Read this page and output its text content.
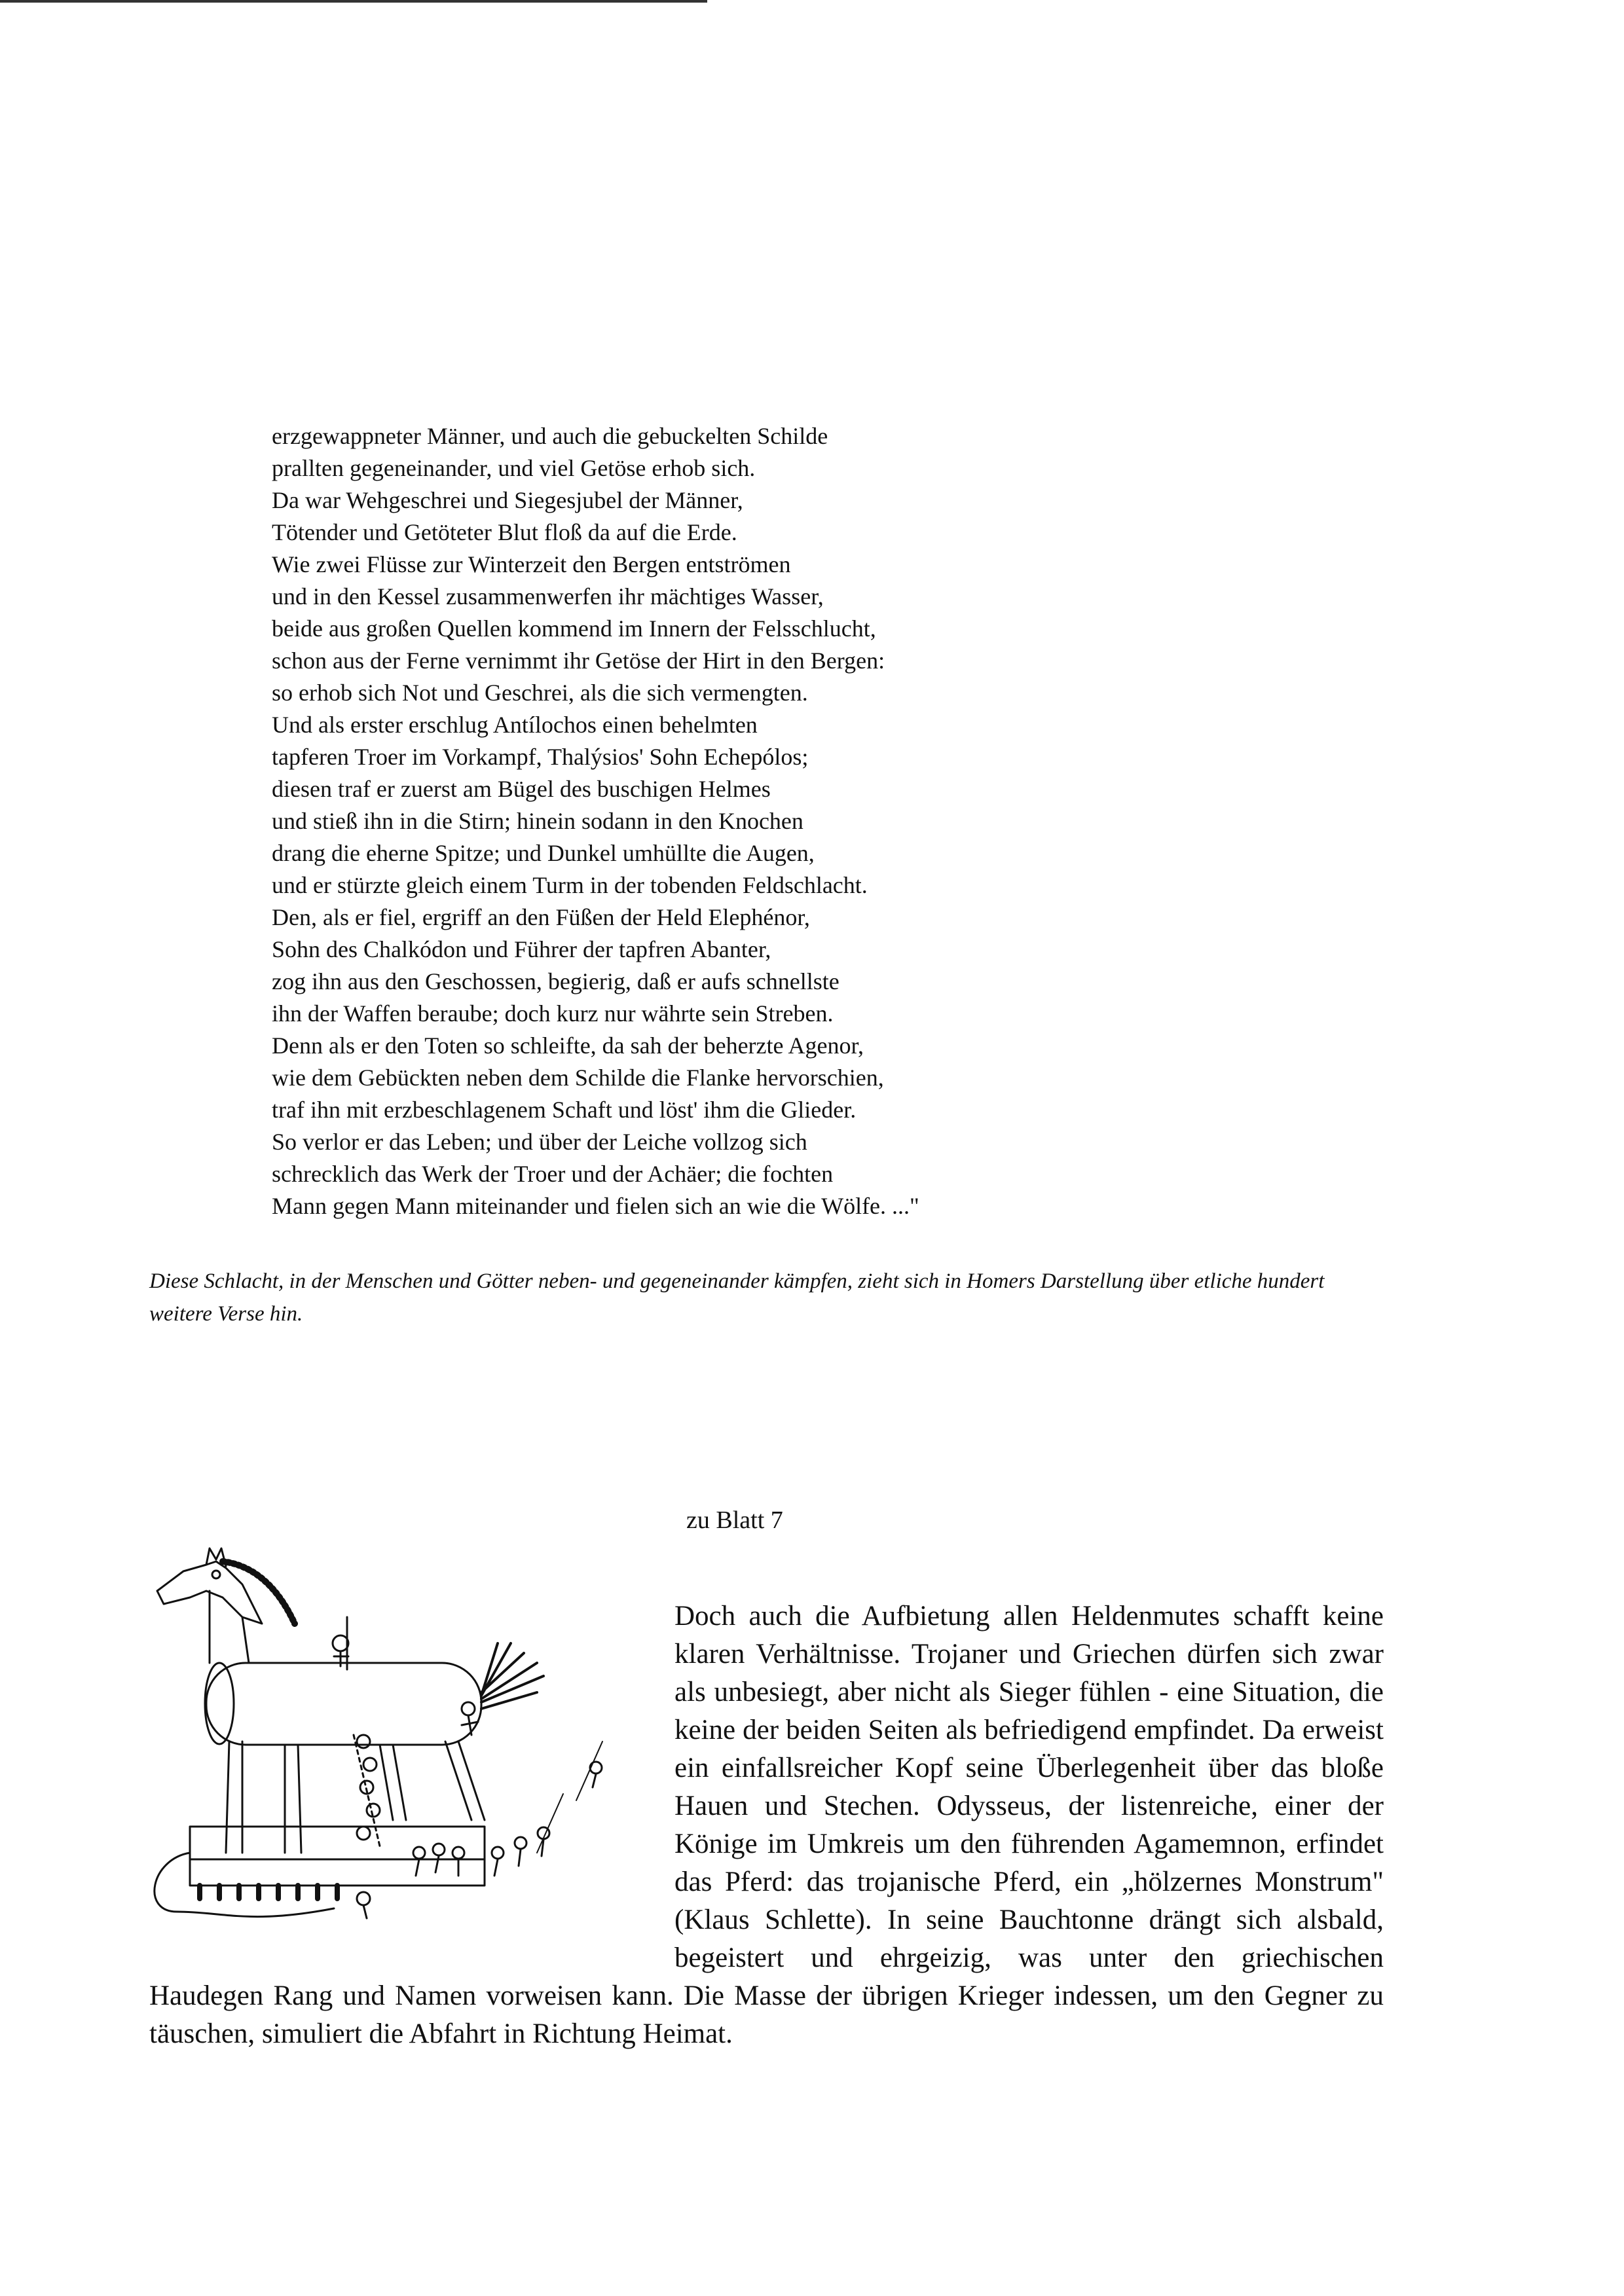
erzgewappneter Männer, und auch die gebuckelten Schilde
prallten gegeneinander, und viel Getöse erhob sich.
Da war Wehgeschrei und Siegesjubel der Männer,
Tötender und Getöteter Blut floß da auf die Erde.
Wie zwei Flüsse zur Winterzeit den Bergen entströmen
und in den Kessel zusammenwerfen ihr mächtiges Wasser,
beide aus großen Quellen kommend im Innern der Felsschlucht,
schon aus der Ferne vernimmt ihr Getöse der Hirt in den Bergen:
so erhob sich Not und Geschrei, als die sich vermengten.
Und als erster erschlug Antílochos einen behelmten
tapferen Troer im Vorkampf, Thalýsios' Sohn Echepólos;
diesen traf er zuerst am Bügel des buschigen Helmes
und stieß ihn in die Stirn; hinein sodann in den Knochen
drang die eherne Spitze; und Dunkel umhüllte die Augen,
und er stürzte gleich einem Turm in der tobenden Feldschlacht.
Den, als er fiel, ergriff an den Füßen der Held Elephénor,
Sohn des Chalkódon und Führer der tapfren Abanter,
zog ihn aus den Geschossen, begierig, daß er aufs schnellste
ihn der Waffen beraube; doch kurz nur währte sein Streben.
Denn als er den Toten so schleifte, da sah der beherzte Agenor,
wie dem Gebückten neben dem Schilde die Flanke hervorschien,
traf ihn mit erzbeschlagenem Schaft und löst' ihm die Glieder.
So verlor er das Leben; und über der Leiche vollzog sich
schrecklich das Werk der Troer und der Achäer; die fochten
Mann gegen Mann miteinander und fielen sich an wie die Wölfe. ..."

Diese Schlacht, in der Menschen und Götter neben- und gegeneinander kämpfen, zieht sich in Homers Darstellung über etliche hundert weitere Verse hin.

zu Blatt 7

Doch auch die Aufbietung allen Heldenmutes schafft keine klaren Verhältnisse. Trojaner und Griechen dürfen sich zwar als unbesiegt, aber nicht als Sieger fühlen - eine Situation, die keine der beiden Seiten als befriedigend empfindet. Da erweist ein einfallsreicher Kopf seine Überlegenheit über das bloße Hauen und Stechen. Odysseus, der listenreiche, einer der Könige im Umkreis um den führenden Agamemnon, erfindet das Pferd: das trojanische Pferd, ein „hölzernes Monstrum" (Klaus Schlette). In seine Bauchtonne drängt sich alsbald, begeistert und ehrgeizig, was unter den griechischen Haudegen Rang und Namen vorweisen kann. Die Masse der übrigen Krieger indessen, um den Gegner zu täuschen, simuliert die Abfahrt in Richtung Heimat.
